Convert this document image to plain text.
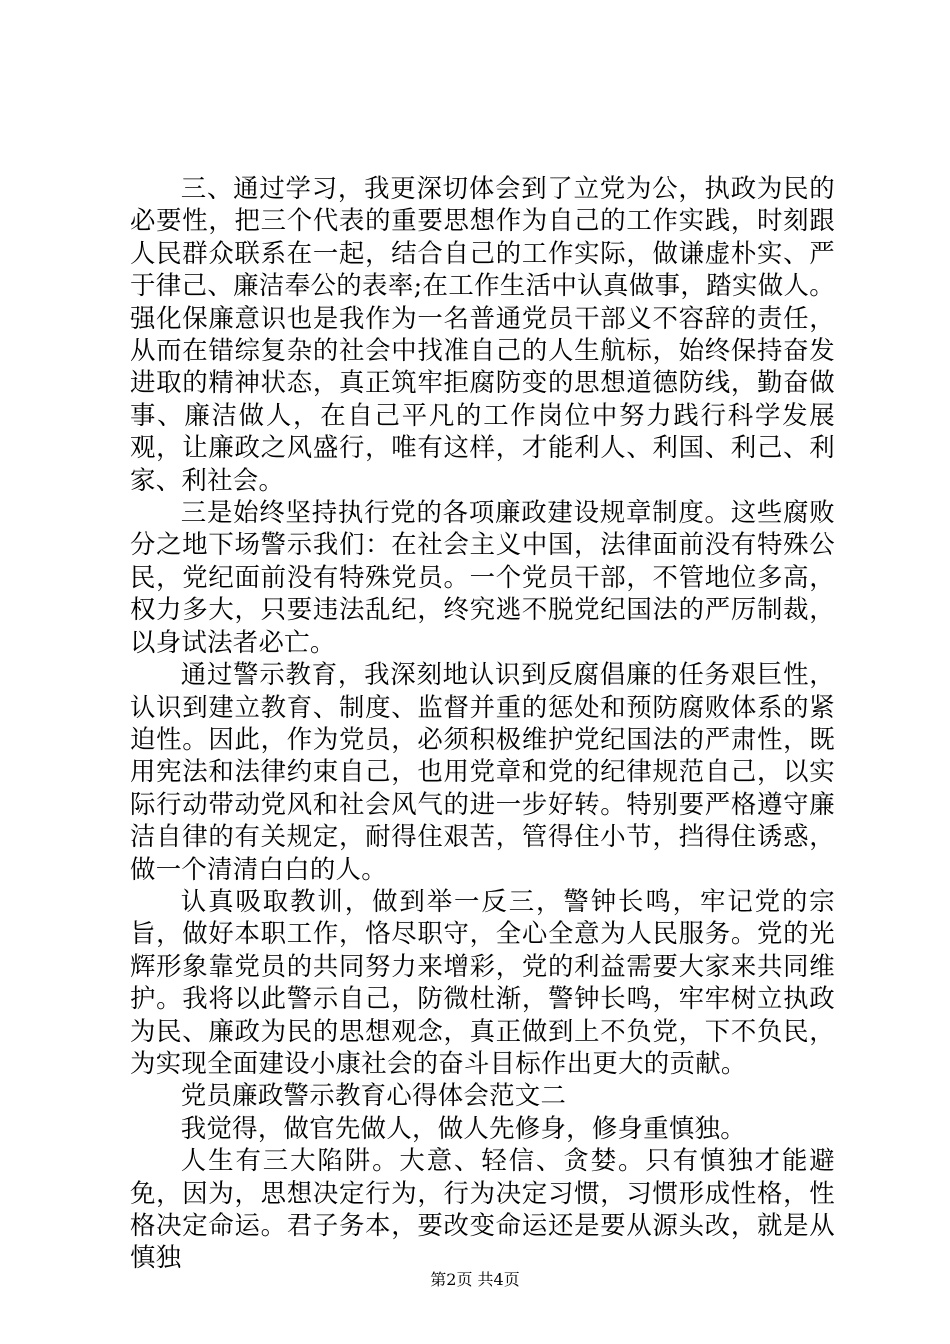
三、通过学习，我更深切体会到了立党为公，执政为民的必要性，把三个代表的重要思想作为自己的工作实践，时刻跟人民群众联系在一起，结合自己的工作实际，做谦虚朴实、严于律己、廉洁奉公的表率;在工作生活中认真做事，踏实做人。强化保廉意识也是我作为一名普通党员干部义不容辞的责任，从而在错综复杂的社会中找准自己的人生航标，始终保持奋发进取的精神状态，真正筑牢拒腐防变的思想道德防线，勤奋做事、廉洁做人，在自己平凡的工作岗位中努力践行科学发展观，让廉政之风盛行，唯有这样，才能利人、利国、利己、利家、利社会。

三是始终坚持执行党的各项廉政建设规章制度。这些腐败分之地下场警示我们：在社会主义中国，法律面前没有特殊公民，党纪面前没有特殊党员。一个党员干部，不管地位多高，权力多大，只要违法乱纪，终究逃不脱党纪国法的严厉制裁，以身试法者必亡。

通过警示教育，我深刻地认识到反腐倡廉的任务艰巨性，认识到建立教育、制度、监督并重的惩处和预防腐败体系的紧迫性。因此，作为党员，必须积极维护党纪国法的严肃性，既用宪法和法律约束自己，也用党章和党的纪律规范自己，以实际行动带动党风和社会风气的进一步好转。特别要严格遵守廉洁自律的有关规定，耐得住艰苦，管得住小节，挡得住诱惑，做一个清清白白的人。

认真吸取教训，做到举一反三，警钟长鸣，牢记党的宗旨，做好本职工作，恪尽职守，全心全意为人民服务。党的光辉形象靠党员的共同努力来增彩，党的利益需要大家来共同维护。我将以此警示自己，防微杜渐，警钟长鸣，牢牢树立执政为民、廉政为民的思想观念，真正做到上不负党，下不负民，为实现全面建设小康社会的奋斗目标作出更大的贡献。

党员廉政警示教育心得体会范文二

我觉得，做官先做人，做人先修身，修身重慎独。

人生有三大陷阱。大意、轻信、贪婪。只有慎独才能避免，因为，思想决定行为，行为决定习惯，习惯形成性格，性格决定命运。君子务本，要改变命运还是要从源头改，就是从慎独

第2页 共4页
